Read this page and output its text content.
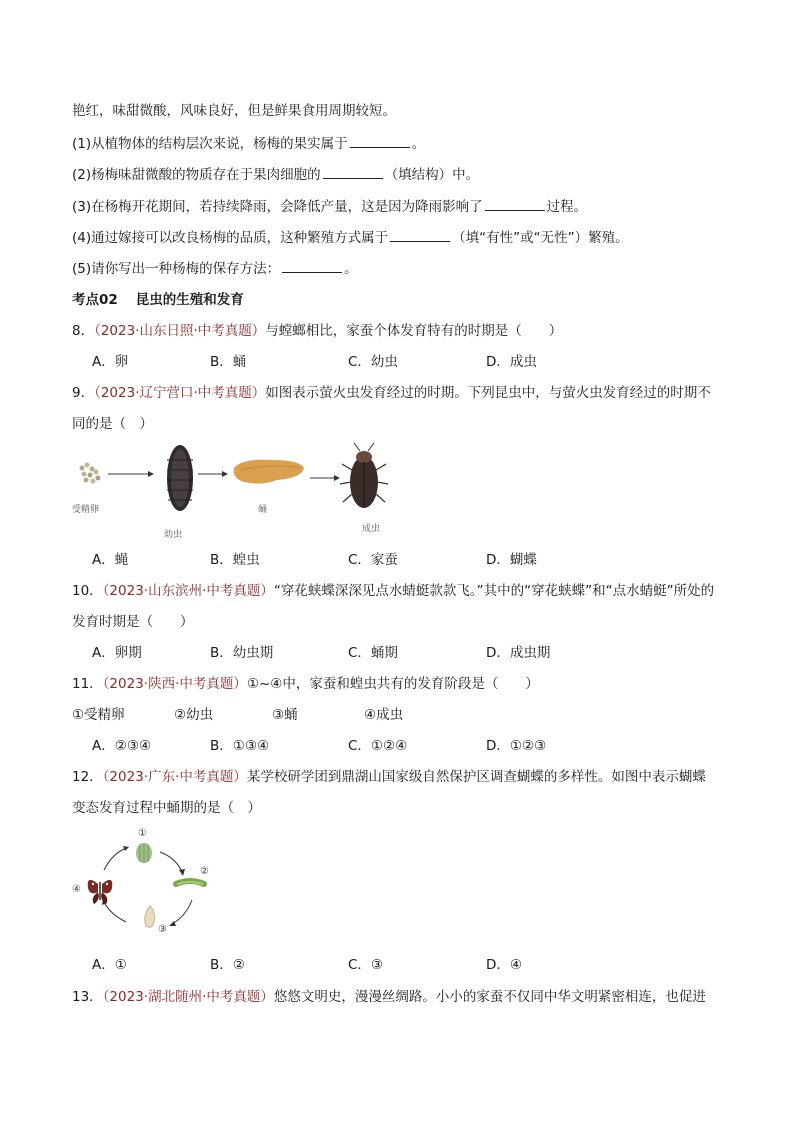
艳红，味甜微酸，风味良好，但是鲜果食用周期较短。
(1)从植物体的结构层次来说，杨梅的果实属于	。
(2)杨梅味甜微酸的物质存在于果肉细胞的	（填结构）中。
(3)在杨梅开花期间，若持续降雨，会降低产量，这是因为降雨影响了	过程。
(4)通过嫁接可以改良杨梅的品质，这种繁殖方式属于	（填“有性”或“无性”）繁殖。
(5)请你写出一种杨梅的保存方法：	。
考点02 昆虫的生殖和发育
8．（2023·山东日照·中考真题）与螳螂相比，家蚕个体发育特有的时期是（　　）
A．卵	B．蛹	C．幼虫	D．成虫
9．（2023·辽宁营口·中考真题）如图表示萤火虫发育经过的时期。下列昆虫中，与萤火虫发育经过的时期不
同的是（　）
受精卵
幼虫
蛹
成虫
A．蝇	B．蝗虫	C．家蚕	D．蝴蝶
10．（2023·山东滨州·中考真题）“穿花蛱蝶深深见点水蜻蜓款款飞。”其中的“穿花蛱蝶”和“点水蜻蜓”所处的
发育时期是（　　）
A．卵期	B．幼虫期	C．蛹期	D．成虫期
11．（2023·陕西·中考真题）①~④中，家蚕和蝗虫共有的发育阶段是（　　）
①受精卵	②幼虫	③蛹	④成虫
A．②③④	B．①③④	C．①②④	D．①②③
12．（2023·广东·中考真题）某学校研学团到鼎湖山国家级自然保护区调查蝴蝶的多样性。如图中表示蝴蝶
变态发育过程中蛹期的是（　）
①
②
③
④
A．①	B．②	C．③	D．④
13．（2023·湖北随州·中考真题）悠悠文明史，漫漫丝绸路。小小的家蚕不仅同中华文明紧密相连，也促进
